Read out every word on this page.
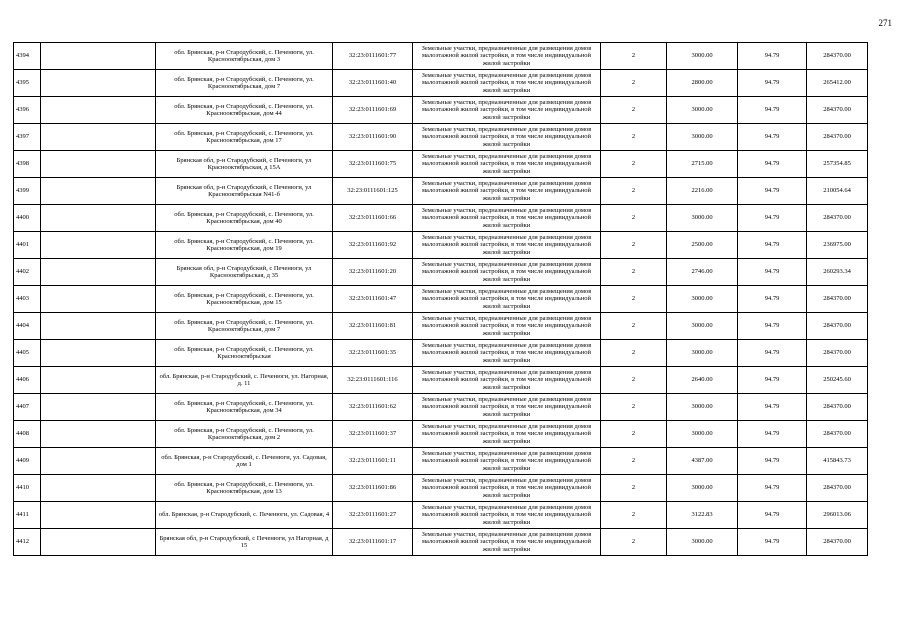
271
4394		обл. Брянская, р-н Стародубский, с. Печенюги, ул. Краснооктябрьская, дом 3	32:23:0111601:77	Земельные участки, предназначенные для размещения домов малоэтажной жилой застройки, в том числе индивидуальной жилой застройки	2	3000.00	94.79	284370.00
4395		обл. Брянская, р-н Стародубский, с. Печенюги, ул. Краснооктябрьская, дом 7	32:23:0111601:40	Земельные участки, предназначенные для размещения домов малоэтажной жилой застройки, в том числе индивидуальной жилой застройки	2	2800.00	94.79	265412.00
4396		обл. Брянская, р-н Стародубский, с. Печенюги, ул. Краснооктябрьская, дом 44	32:23:0111601:69	Земельные участки, предназначенные для размещения домов малоэтажной жилой застройки, в том числе индивидуальной жилой застройки	2	3000.00	94.79	284370.00
4397		обл. Брянская, р-н Стародубский, с. Печенюги, ул. Краснооктябрьская, дом 17	32:23:0111601:90	Земельные участки, предназначенные для размещения домов малоэтажной жилой застройки, в том числе индивидуальной жилой застройки	2	3000.00	94.79	284370.00
4398		Брянская обл, р-н Стародубский, с Печенюги, ул Краснооктябрьская, д 15А	32:23:0111601:75	Земельные участки, предназначенные для размещения домов малоэтажной жилой застройки, в том числе индивидуальной жилой застройки	2	2715.00	94.79	257354.85
4399		Брянская обл, р-н Стародубский, с Печенюги, ул Краснооктябрьская N41-б	32:23:0111601:125	Земельные участки, предназначенные для размещения домов малоэтажной жилой застройки, в том числе индивидуальной жилой застройки	2	2216.00	94.79	210054.64
4400		обл. Брянская, р-н Стародубский, с. Печенюги, ул. Краснооктябрьская, дом 40	32:23:0111601:66	Земельные участки, предназначенные для размещения домов малоэтажной жилой застройки, в том числе индивидуальной жилой застройки	2	3000.00	94.79	284370.00
4401		обл. Брянская, р-н Стародубский, с. Печенюги, ул. Краснооктябрьская, дом 19	32:23:0111601:92	Земельные участки, предназначенные для размещения домов малоэтажной жилой застройки, в том числе индивидуальной жилой застройки	2	2500.00	94.79	236975.00
4402		Брянская обл, р-н Стародубский, с Печенюги, ул Краснооктябрьская, д 35	32:23:0111601:20	Земельные участки, предназначенные для размещения домов малоэтажной жилой застройки, в том числе индивидуальной жилой застройки	2	2746.00	94.79	260293.34
4403		обл. Брянская, р-н Стародубский, с. Печенюги, ул. Краснооктябрьская, дом 15	32:23:0111601:47	Земельные участки, предназначенные для размещения домов малоэтажной жилой застройки, в том числе индивидуальной жилой застройки	2	3000.00	94.79	284370.00
4404		обл. Брянская, р-н Стародубский, с. Печенюги, ул. Краснооктябрьская, дом 7	32:23:0111601:81	Земельные участки, предназначенные для размещения домов малоэтажной жилой застройки, в том числе индивидуальной жилой застройки	2	3000.00	94.79	284370.00
4405		обл. Брянская, р-н Стародубский, с. Печенюги, ул. Краснооктябрьская	32:23:0111601:35	Земельные участки, предназначенные для размещения домов малоэтажной жилой застройки, в том числе индивидуальной жилой застройки	2	3000.00	94.79	284370.00
4406		обл. Брянская, р-н Стародубский, с. Печенюги, ул. Нагорная, д. 11	32:23:0111601:116	Земельные участки, предназначенные для размещения домов малоэтажной жилой застройки, в том числе индивидуальной жилой застройки	2	2640.00	94.79	250245.60
4407		обл. Брянская, р-н Стародубский, с. Печенюги, ул. Краснооктябрьская, дом 34	32:23:0111601:62	Земельные участки, предназначенные для размещения домов малоэтажной жилой застройки, в том числе индивидуальной жилой застройки	2	3000.00	94.79	284370.00
4408		обл. Брянская, р-н Стародубский, с. Печенюги, ул. Краснооктябрьская, дом 2	32:23:0111601:37	Земельные участки, предназначенные для размещения домов малоэтажной жилой застройки, в том числе индивидуальной жилой застройки	2	3000.00	94.79	284370.00
4409		обл. Брянская, р-н Стародубский, с. Печенюги, ул. Садовая, дом 1	32:23:0111601:11	Земельные участки, предназначенные для размещения домов малоэтажной жилой застройки, в том числе индивидуальной жилой застройки	2	4387.00	94.79	415843.73
4410		обл. Брянская, р-н Стародубский, с. Печенюги, ул. Краснооктябрьская, дом 13	32:23:0111601:86	Земельные участки, предназначенные для размещения домов малоэтажной жилой застройки, в том числе индивидуальной жилой застройки	2	3000.00	94.79	284370.00
4411		обл. Брянская, р-н Стародубский, с. Печенюги, ул. Садовая, 4	32:23:0111601:27	Земельные участки, предназначенные для размещения домов малоэтажной жилой застройки, в том числе индивидуальной жилой застройки	2	3122.83	94.79	296013.06
4412		Брянская обл, р-н Стародубский, с Печенюги, ул Нагорная, д 15	32:23:0111601:17	Земельные участки, предназначенные для размещения домов малоэтажной жилой застройки, в том числе индивидуальной жилой застройки	2	3000.00	94.79	284370.00
